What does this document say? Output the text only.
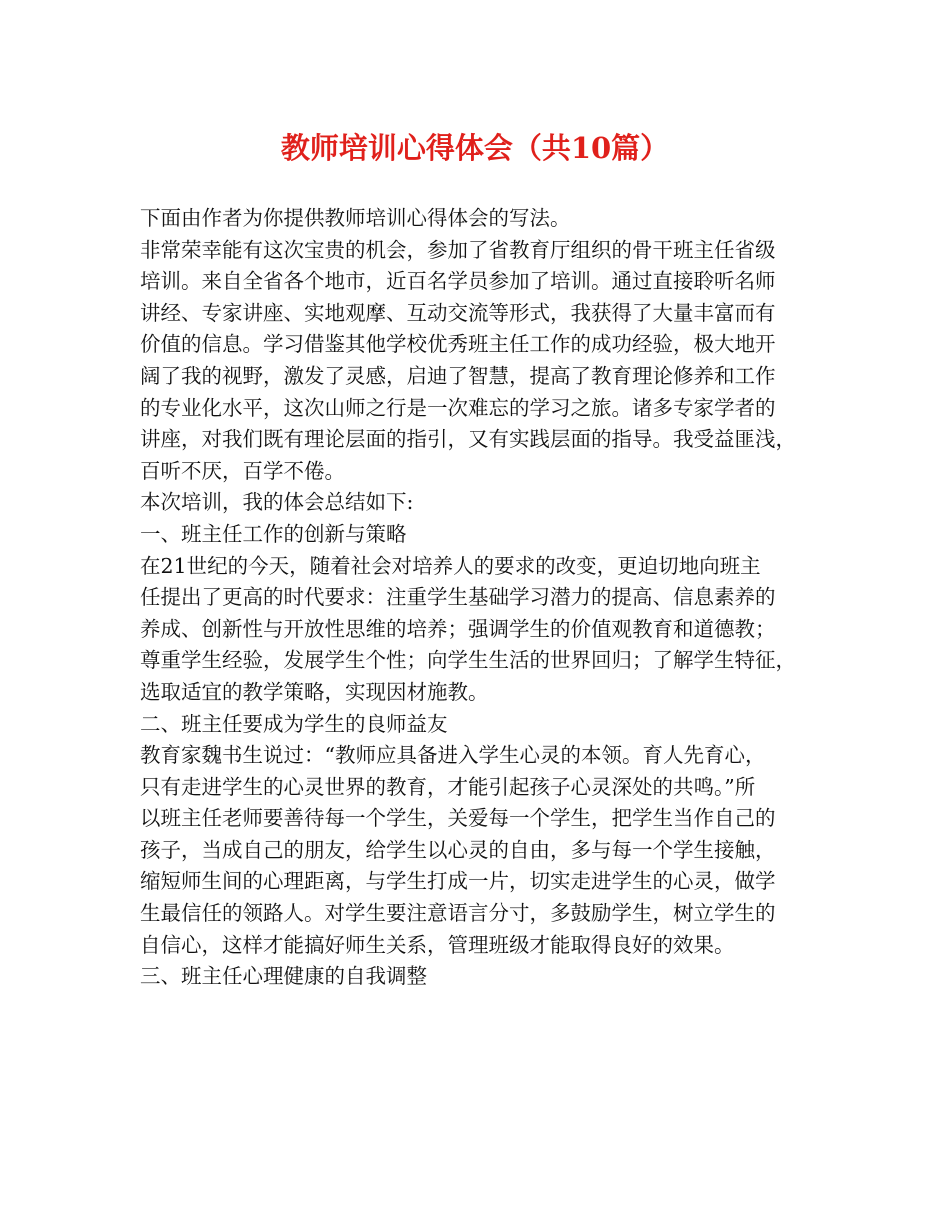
教师培训心得体会（共10篇）

下面由作者为你提供教师培训心得体会的写法。

非常荣幸能有这次宝贵的机会，参加了省教育厅组织的骨干班主任省级

培训。来自全省各个地市，近百名学员参加了培训。通过直接聆听名师

讲经、专家讲座、实地观摩、互动交流等形式，我获得了大量丰富而有

价值的信息。学习借鉴其他学校优秀班主任工作的成功经验，极大地开

阔了我的视野，激发了灵感，启迪了智慧，提高了教育理论修养和工作

的专业化水平，这次山师之行是一次难忘的学习之旅。诸多专家学者的

讲座，对我们既有理论层面的指引，又有实践层面的指导。我受益匪浅，

百听不厌，百学不倦。

本次培训，我的体会总结如下:

一、班主任工作的创新与策略

在21世纪的今天，随着社会对培养人的要求的改变，更迫切地向班主

任提出了更高的时代要求：注重学生基础学习潜力的提高、信息素养的

养成、创新性与开放性思维的培养；强调学生的价值观教育和道德教；

尊重学生经验，发展学生个性；向学生生活的世界回归；了解学生特征，

选取适宜的教学策略，实现因材施教。

二、班主任要成为学生的良师益友

教育家魏书生说过：“教师应具备进入学生心灵的本领。育人先育心，

只有走进学生的心灵世界的教育，才能引起孩子心灵深处的共鸣。”所

以班主任老师要善待每一个学生，关爱每一个学生，把学生当作自己的

孩子，当成自己的朋友，给学生以心灵的自由，多与每一个学生接触，

缩短师生间的心理距离，与学生打成一片，切实走进学生的心灵，做学

生最信任的领路人。对学生要注意语言分寸，多鼓励学生，树立学生的

自信心，这样才能搞好师生关系，管理班级才能取得良好的效果。

三、班主任心理健康的自我调整
